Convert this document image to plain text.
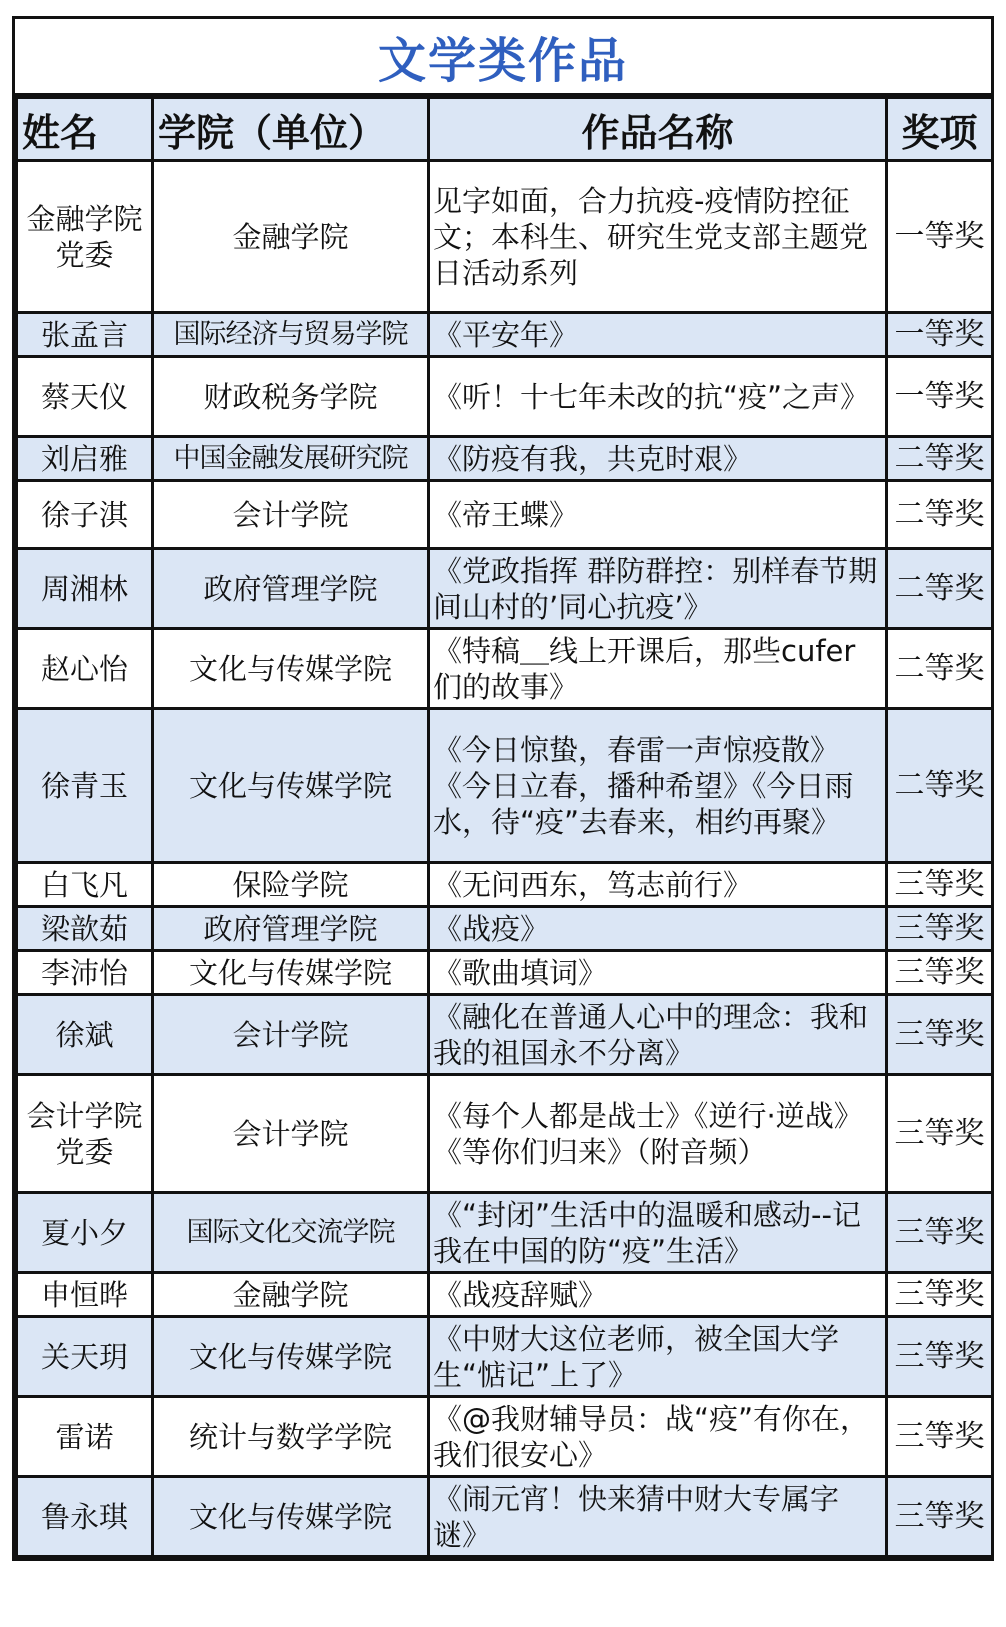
文学类作品
姓名	学院（单位）	作品名称	奖项
金融学院党委	金融学院	见字如面，合力抗疫-疫情防控征文；本科生、研究生党支部主题党日活动系列	一等奖
张孟言	国际经济与贸易学院	《平安年》	一等奖
蔡天仪	财政税务学院	《听！十七年未改的抗“疫”之声》	一等奖
刘启雅	中国金融发展研究院	《防疫有我，共克时艰》	二等奖
徐子淇	会计学院	《帝王蝶》	二等奖
周湘林	政府管理学院	《党政指挥 群防群控：别样春节期间山村的’同心抗疫’》	二等奖
赵心怡	文化与传媒学院	《特稿＿线上开课后，那些cufer们的故事》	二等奖
徐青玉	文化与传媒学院	《今日惊蛰，春雷一声惊疫散》《今日立春，播种希望》《今日雨水，待“疫”去春来，相约再聚》	二等奖
白飞凡	保险学院	《无问西东，笃志前行》	三等奖
梁歆茹	政府管理学院	《战疫》	三等奖
李沛怡	文化与传媒学院	《歌曲填词》	三等奖
徐斌	会计学院	《融化在普通人心中的理念：我和我的祖国永不分离》	三等奖
会计学院党委	会计学院	《每个人都是战士》《逆行·逆战》《等你们归来》（附音频）	三等奖
夏小夕	国际文化交流学院	《“封闭”生活中的温暖和感动--记我在中国的防“疫”生活》	三等奖
申恒晔	金融学院	《战疫辞赋》	三等奖
关天玥	文化与传媒学院	《中财大这位老师，被全国大学生“惦记”上了》	三等奖
雷诺	统计与数学学院	《@我财辅导员：战“疫”有你在，我们很安心》	三等奖
鲁永琪	文化与传媒学院	《闹元宵！快来猜中财大专属字谜》	三等奖
